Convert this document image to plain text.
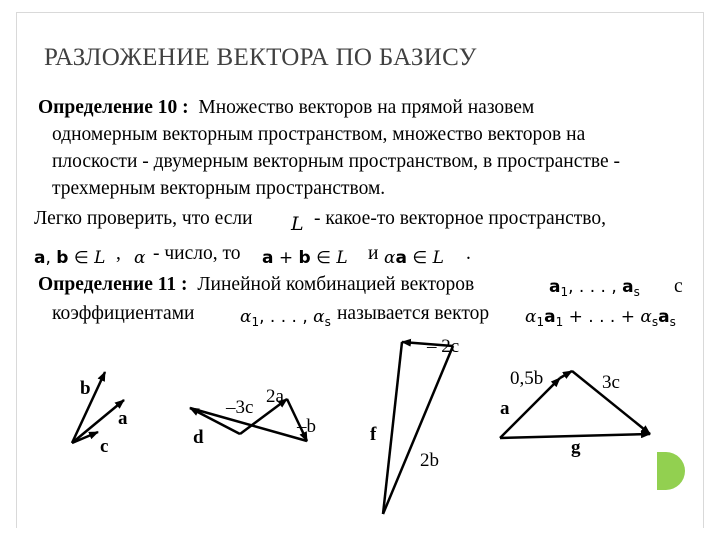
РАЗЛОЖЕНИЕ ВЕКТОРА ПО БАЗИСУ
Определение 10 : Множество векторов на прямой назовем
одномерным векторным пространством, множество векторов на
плоскости - двумерным векторным пространством, в пространстве -
трехмерным векторным пространством.
Легко проверить, что если L - какое-то векторное пространство,
a, b ∈ L , α - число, то a + b ∈ L и αa ∈ L .
Определение 11 : Линейной комбинацией векторов	$a_1$, . . . , $a_s$ с
коэффициентами	$\alpha_1$, . . . , $\alpha_s$ называется вектор $\alpha_1a_1$ + . . . + $\alpha_sa_s$
b
a
c
–3c
2a
–b
d
– 2c
f
2b
0,5b	3c
a
g
